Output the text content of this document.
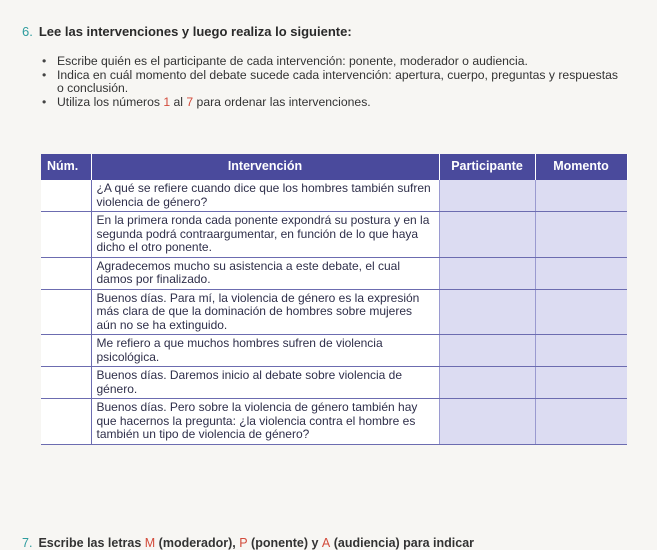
6. Lee las intervenciones y luego realiza lo siguiente:
• Escribe quién es el participante de cada intervención: ponente, moderador o audiencia.
• Indica en cuál momento del debate sucede cada intervención: apertura, cuerpo, preguntas y respuestas o conclusión.
• Utiliza los números 1 al 7 para ordenar las intervenciones.
Núm.	Intervención	Participante	Momento
	¿A qué se refiere cuando dice que los hombres también sufren violencia de género?		
	En la primera ronda cada ponente expondrá su postura y en la segunda podrá contraargumentar, en función de lo que haya dicho el otro ponente.		
	Agradecemos mucho su asistencia a este debate, el cual damos por finalizado.		
	Buenos días. Para mí, la violencia de género es la expresión más clara de que la dominación de hombres sobre mujeres aún no se ha extinguido.		
	Me refiero a que muchos hombres sufren de violencia psicológica.		
	Buenos días. Daremos inicio al debate sobre violencia de género.		
	Buenos días. Pero sobre la violencia de género también hay que hacernos la pregunta: ¿la violencia contra el hombre es también un tipo de violencia de género?		
7. Escribe las letras M (moderador), P (ponente) y A (audiencia) para indicar
